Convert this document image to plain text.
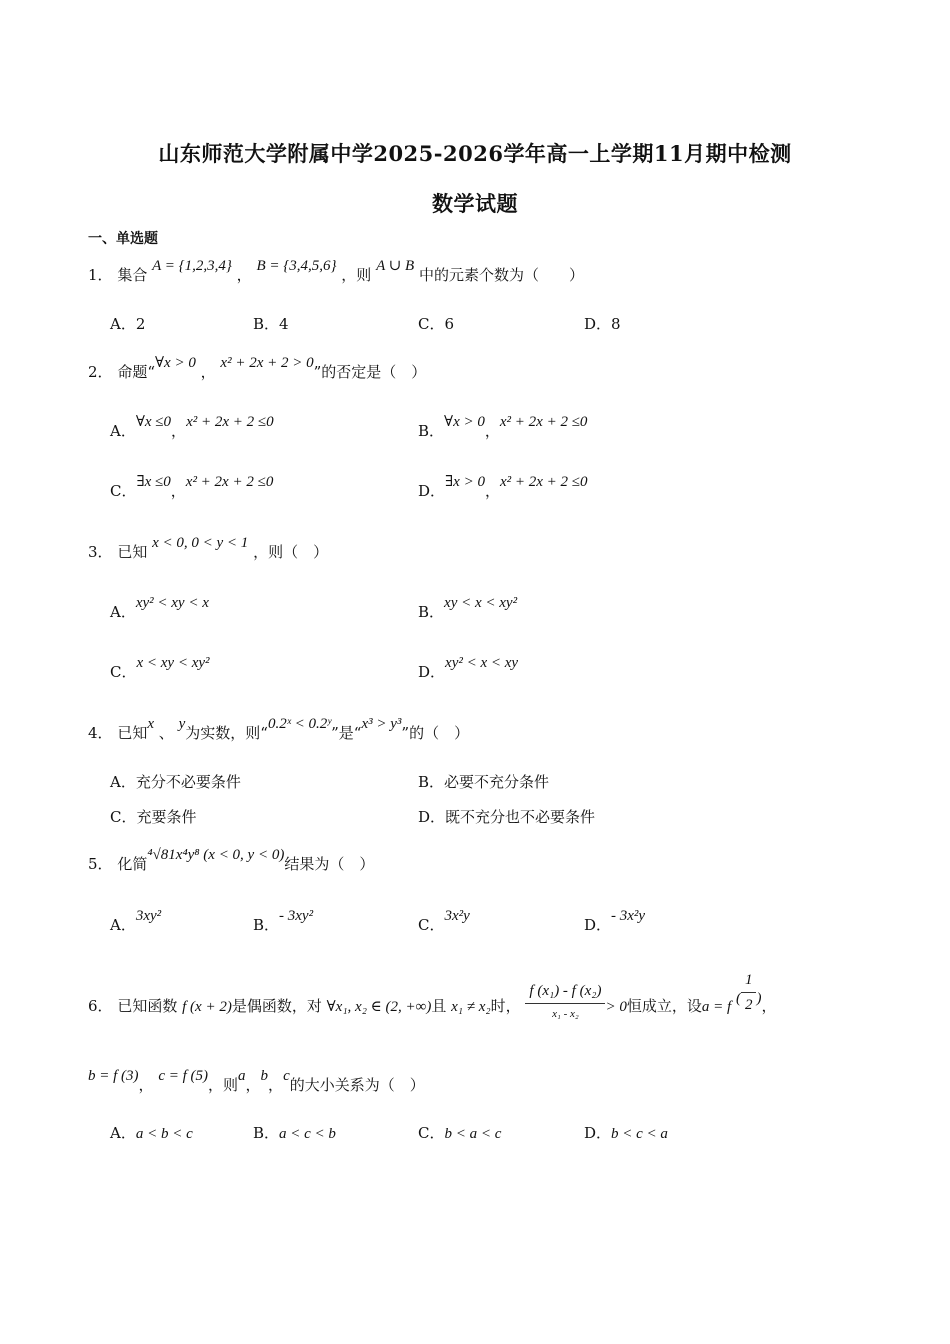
山东师范大学附属中学2025-2026学年高一上学期11月期中检测
数学试题
一、单选题
1． 集合 A = {1,2,3,4} ， B = {3,4,5,6} ，则 A ∪ B 中的元素个数为（　　）
A．2	B．4	C．6	D．8
2． 命题“∀x > 0 ， x² + 2x + 2 > 0”的否定是（　）
A．∀x ≤0，x² + 2x + 2 ≤0	B．∀x > 0，x² + 2x + 2 ≤0
C．∃x ≤0，x² + 2x + 2 ≤0	D．∃x > 0，x² + 2x + 2 ≤0
3． 已知 x < 0, 0 < y < 1 ，则（　）
A．xy² < xy < x	B．xy < x < xy²
C．x < xy < xy²	D．xy² < x < xy
4． 已知x 、 y为实数，则“0.2ˣ < 0.2ʸ”是“x³ > y³”的（　）
A．充分不必要条件	B．必要不充分条件
C．充要条件	D．既不充分也不必要条件
5． 化简⁴√81x⁴y⁸ (x < 0, y < 0)结果为（　）
A．3xy²	B．- 3xy²	C．3x²y	D．- 3x²y
6． 已知函数 f (x + 2)是偶函数，对 ∀x₁, x₂ ∈ (2, +∞)且 x₁ ≠ x₂时， $\frac{\text{f (x₁) - f (x₂)}}{\text{x₁ - x₂}} > 0$恒成立，设a = f ( $\frac{1}{2}$ )，
b = f (3)， c = f (5)，则a，b，c的大小关系为（　）
A．a < b < c	B．a < c < b	C．b < a < c	D．b < c < a
